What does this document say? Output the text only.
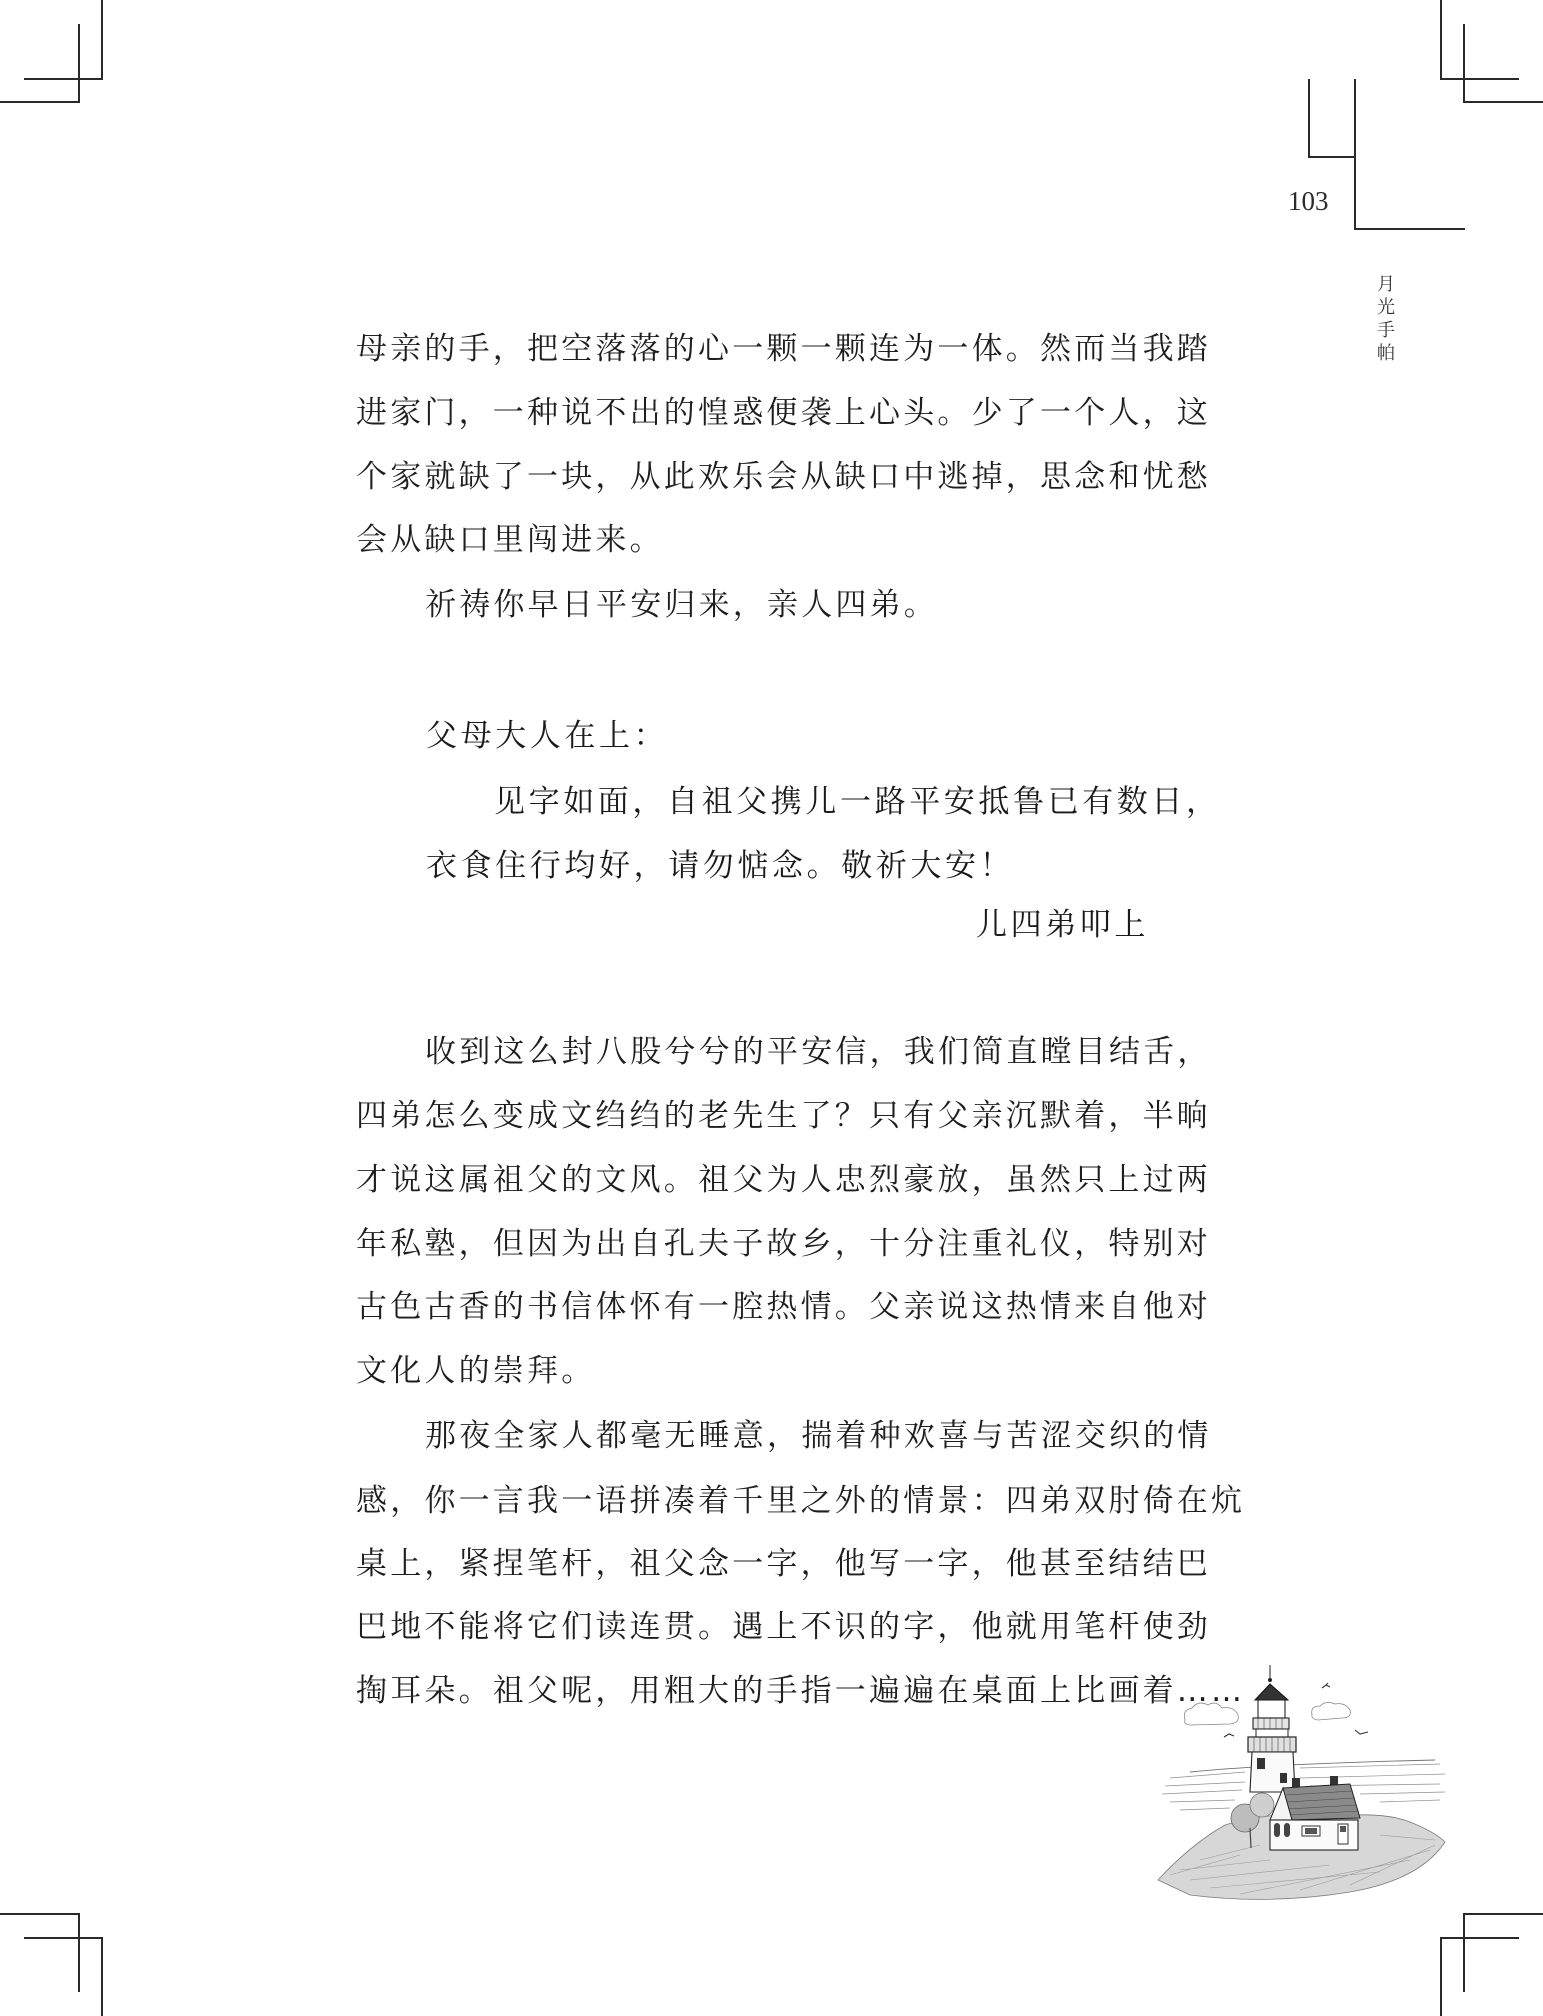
103
月光手帕
母亲的手，把空落落的心一颗一颗连为一体。然而当我踏
进家门，一种说不出的惶惑便袭上心头。少了一个人，这
个家就缺了一块，从此欢乐会从缺口中逃掉，思念和忧愁
会从缺口里闯进来。
祈祷你早日平安归来，亲人四弟。
父母大人在上：
见字如面，自祖父携儿一路平安抵鲁已有数日，
衣食住行均好，请勿惦念。敬祈大安！
儿四弟叩上
收到这么封八股兮兮的平安信，我们简直瞠目结舌，
四弟怎么变成文绉绉的老先生了？只有父亲沉默着，半晌
才说这属祖父的文风。祖父为人忠烈豪放，虽然只上过两
年私塾，但因为出自孔夫子故乡，十分注重礼仪，特别对
古色古香的书信体怀有一腔热情。父亲说这热情来自他对
文化人的崇拜。
那夜全家人都毫无睡意，揣着种欢喜与苦涩交织的情
感，你一言我一语拼凑着千里之外的情景：四弟双肘倚在炕
桌上，紧捏笔杆，祖父念一字，他写一字，他甚至结结巴
巴地不能将它们读连贯。遇上不识的字，他就用笔杆使劲
掏耳朵。祖父呢，用粗大的手指一遍遍在桌面上比画着……
